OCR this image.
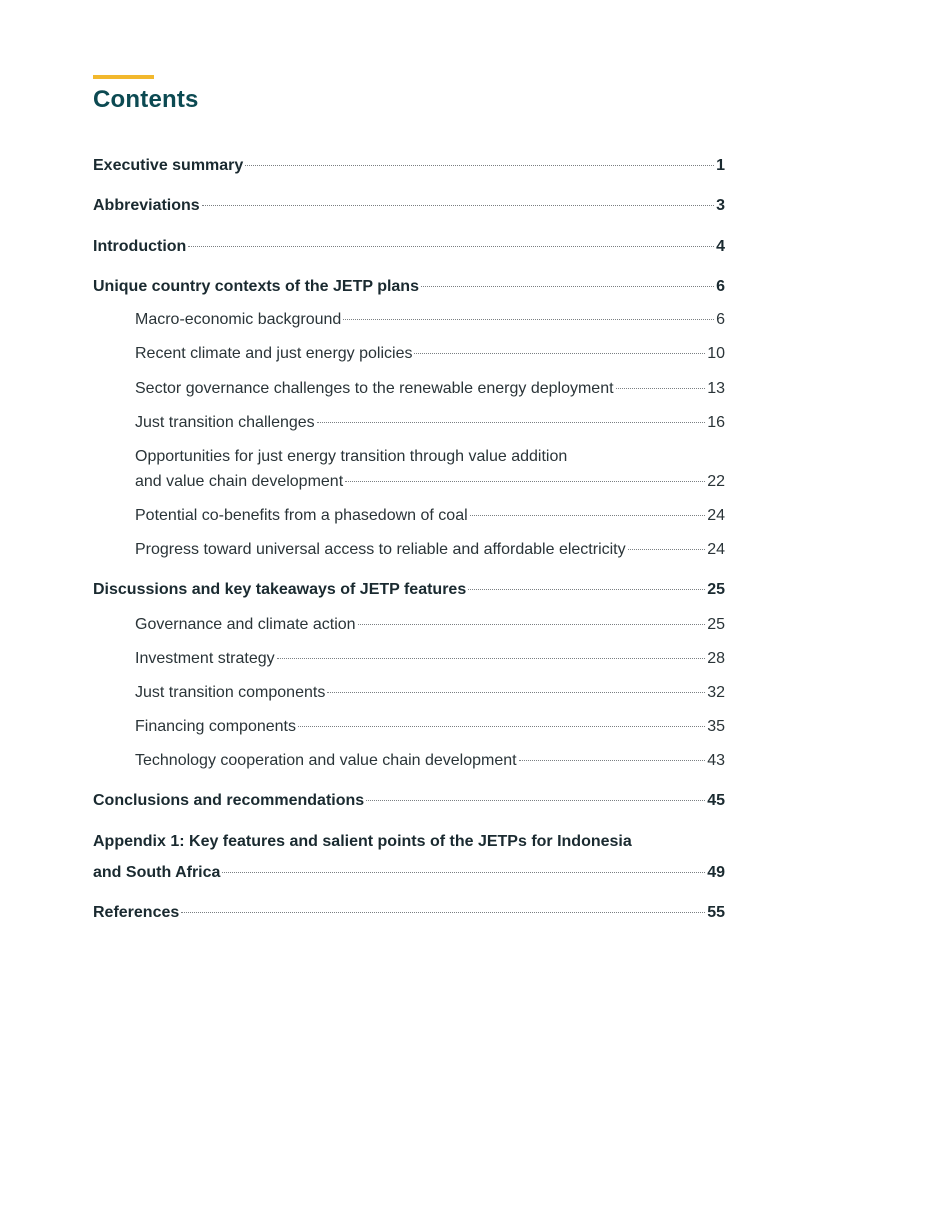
Contents
Executive summary	1
Abbreviations	3
Introduction	4
Unique country contexts of the JETP plans	6
Macro-economic background	6
Recent climate and just energy policies	10
Sector governance challenges to the renewable energy deployment	13
Just transition challenges	16
Opportunities for just energy transition through value addition
and value chain development	22
Potential co-benefits from a phasedown of coal	24
Progress toward universal access to reliable and affordable electricity	24
Discussions and key takeaways of JETP features	25
Governance and climate action	25
Investment strategy	28
Just transition components	32
Financing components	35
Technology cooperation and value chain development	43
Conclusions and recommendations	45
Appendix 1: Key features and salient points of the JETPs for Indonesia
and South Africa	49
References	55
